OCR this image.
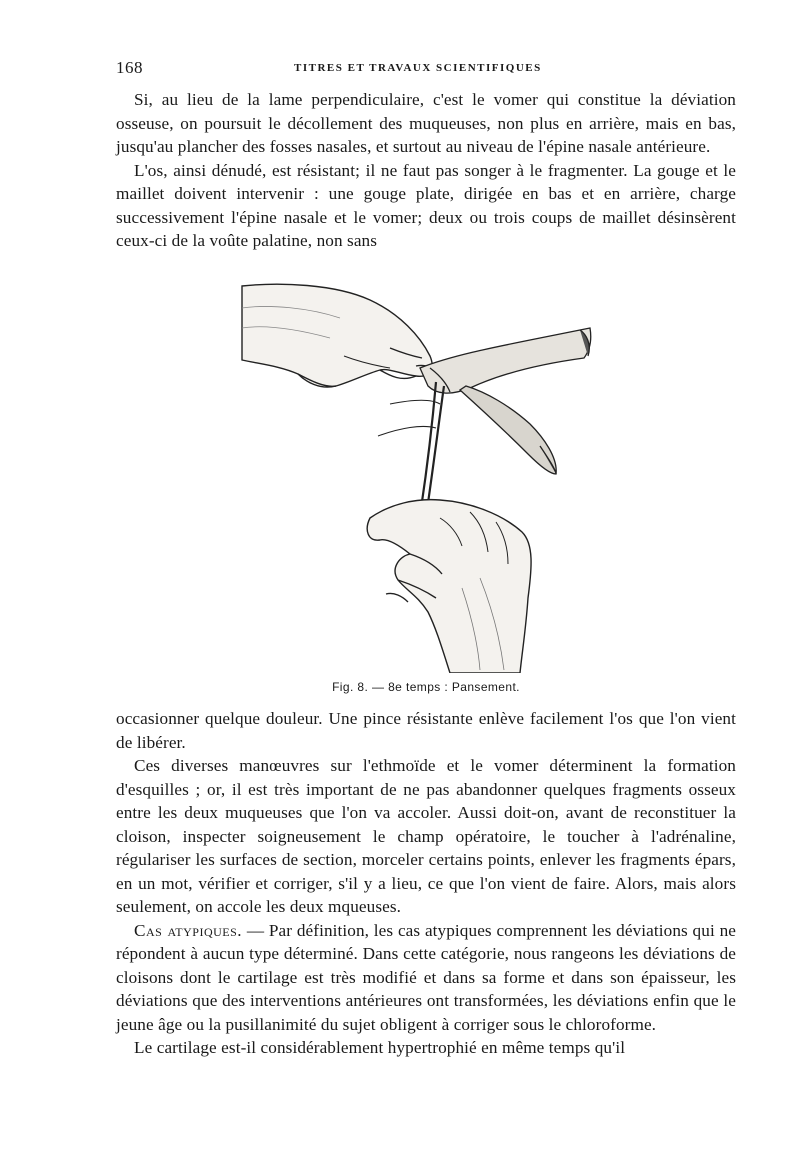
168	TITRES ET TRAVAUX SCIENTIFIQUES

Si, au lieu de la lame perpendiculaire, c'est le vomer qui constitue la déviation osseuse, on poursuit le décollement des muqueuses, non plus en arrière, mais en bas, jusqu'au plancher des fosses nasales, et surtout au niveau de l'épine nasale antérieure.

L'os, ainsi dénudé, est résistant; il ne faut pas songer à le fragmenter. La gouge et le maillet doivent intervenir : une gouge plate, dirigée en bas et en arrière, charge successivement l'épine nasale et le vomer; deux ou trois coups de maillet désinsèrent ceux-ci de la voûte palatine, non sans

Fig. 8. — 8e temps : Pansement.

occasionner quelque douleur. Une pince résistante enlève facilement l'os que l'on vient de libérer.

Ces diverses manœuvres sur l'ethmoïde et le vomer déterminent la formation d'esquilles ; or, il est très important de ne pas abandonner quelques fragments osseux entre les deux muqueuses que l'on va accoler. Aussi doit-on, avant de reconstituer la cloison, inspecter soigneusement le champ opératoire, le toucher à l'adrénaline, régulariser les surfaces de section, morceler certains points, enlever les fragments épars, en un mot, vérifier et corriger, s'il y a lieu, ce que l'on vient de faire. Alors, mais alors seulement, on accole les deux mqueuses.

Cas atypiques. — Par définition, les cas atypiques comprennent les déviations qui ne répondent à aucun type déterminé. Dans cette catégorie, nous rangeons les déviations de cloisons dont le cartilage est très modifié et dans sa forme et dans son épaisseur, les déviations que des interventions antérieures ont transformées, les déviations enfin que le jeune âge ou la pusillanimité du sujet obligent à corriger sous le chloroforme.

Le cartilage est-il considérablement hypertrophié en même temps qu'il
